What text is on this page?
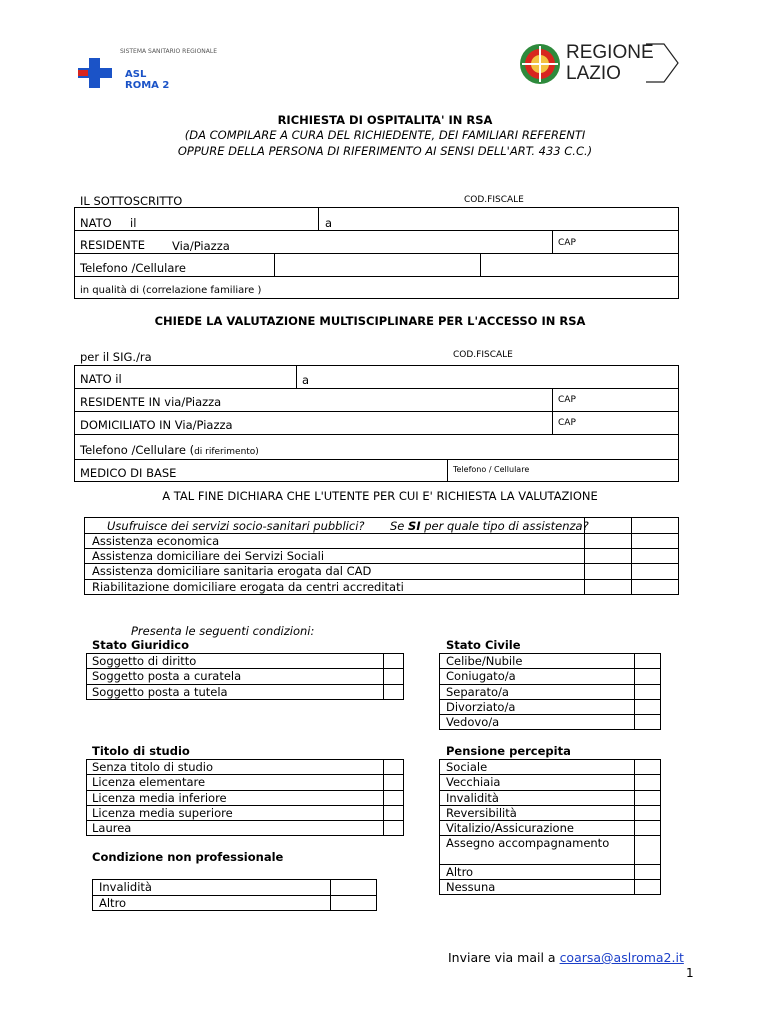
SISTEMA SANITARIO REGIONALE
ASL
ROMA 2
REGIONE
LAZIO
RICHIESTA DI OSPITALITA' IN RSA
(DA COMPILARE A CURA DEL RICHIEDENTE, DEI FAMILIARI REFERENTI
OPPURE DELLA PERSONA DI RIFERIMENTO AI SENSI DELL'ART. 433 C.C.)
IL SOTTOSCRITTO	COD.FISCALE
NATO il	a
RESIDENTE Via/Piazza	CAP
Telefono /Cellulare
in qualità di (correlazione familiare )
CHIEDE LA VALUTAZIONE MULTISCIPLINARE PER L'ACCESSO IN RSA
per il SIG./ra	COD.FISCALE
NATO il	a
RESIDENTE IN via/Piazza	CAP
DOMICILIATO IN Via/Piazza	CAP
Telefono /Cellulare (di riferimento)
MEDICO DI BASE	Telefono / Cellulare
A TAL FINE DICHIARA CHE L'UTENTE PER CUI E' RICHIESTA LA VALUTAZIONE
Usufruisce dei servizi socio-sanitari pubblici? Se SI per quale tipo di assistenza?
Assistenza economica
Assistenza domiciliare dei Servizi Sociali
Assistenza domiciliare sanitaria erogata dal CAD
Riabilitazione domiciliare erogata da centri accreditati
Presenta le seguenti condizioni:
Stato Giuridico
Soggetto di diritto
Soggetto posta a curatela
Soggetto posta a tutela
Stato Civile
Celibe/Nubile
Coniugato/a
Separato/a
Divorziato/a
Vedovo/a
Titolo di studio
Senza titolo di studio
Licenza elementare
Licenza media inferiore
Licenza media superiore
Laurea
Pensione percepita
Sociale
Vecchiaia
Invalidità
Reversibilità
Vitalizio/Assicurazione
Assegno accompagnamento
Altro
Nessuna
Condizione non professionale
Invalidità
Altro
Inviare via mail a coarsa@aslroma2.it
1
